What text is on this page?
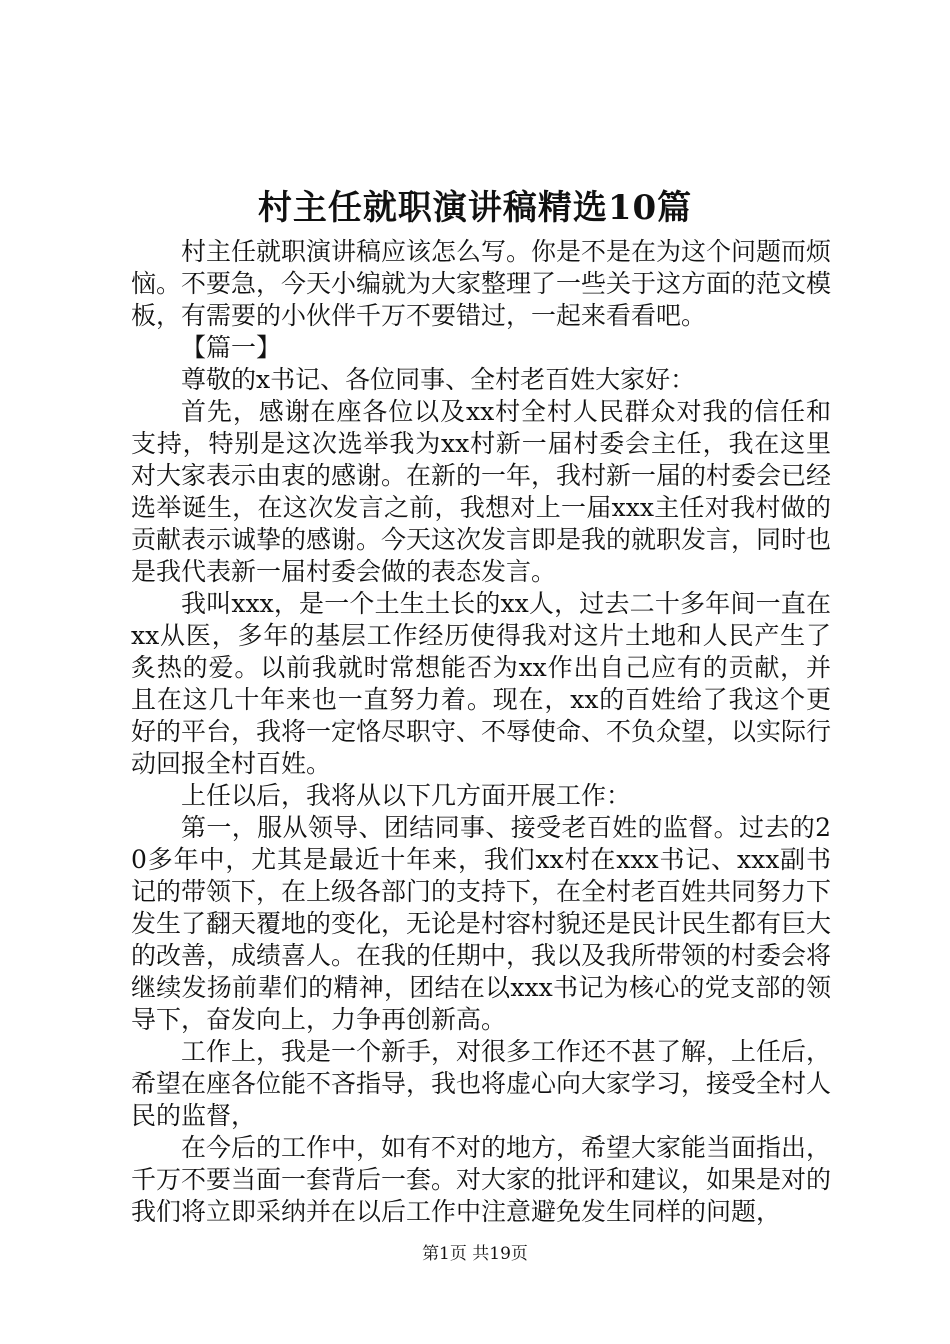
村主任就职演讲稿精选10篇

村主任就职演讲稿应该怎么写。你是不是在为这个问题而烦恼。不要急，今天小编就为大家整理了一些关于这方面的范文模板，有需要的小伙伴千万不要错过，一起来看看吧。

【篇一】

尊敬的x书记、各位同事、全村老百姓大家好：

首先，感谢在座各位以及xx村全村人民群众对我的信任和支持，特别是这次选举我为xx村新一届村委会主任，我在这里对大家表示由衷的感谢。在新的一年，我村新一届的村委会已经选举诞生，在这次发言之前，我想对上一届xxx主任对我村做的贡献表示诚挚的感谢。今天这次发言即是我的就职发言，同时也是我代表新一届村委会做的表态发言。

我叫xxx，是一个土生土长的xx人，过去二十多年间一直在xx从医，多年的基层工作经历使得我对这片土地和人民产生了炙热的爱。以前我就时常想能否为xx作出自己应有的贡献，并且在这几十年来也一直努力着。现在，xx的百姓给了我这个更好的平台，我将一定恪尽职守、不辱使命、不负众望，以实际行动回报全村百姓。

上任以后，我将从以下几方面开展工作：

第一，服从领导、团结同事、接受老百姓的监督。过去的20多年中，尤其是最近十年来，我们xx村在xxx书记、xxx副书记的带领下，在上级各部门的支持下，在全村老百姓共同努力下发生了翻天覆地的变化，无论是村容村貌还是民计民生都有巨大的改善，成绩喜人。在我的任期中，我以及我所带领的村委会将继续发扬前辈们的精神，团结在以xxx书记为核心的党支部的领导下，奋发向上，力争再创新高。

工作上，我是一个新手，对很多工作还不甚了解，上任后，希望在座各位能不吝指导，我也将虚心向大家学习，接受全村人民的监督，

在今后的工作中，如有不对的地方，希望大家能当面指出，千万不要当面一套背后一套。对大家的批评和建议，如果是对的我们将立即采纳并在以后工作中注意避免发生同样的问题，

第1页 共19页
